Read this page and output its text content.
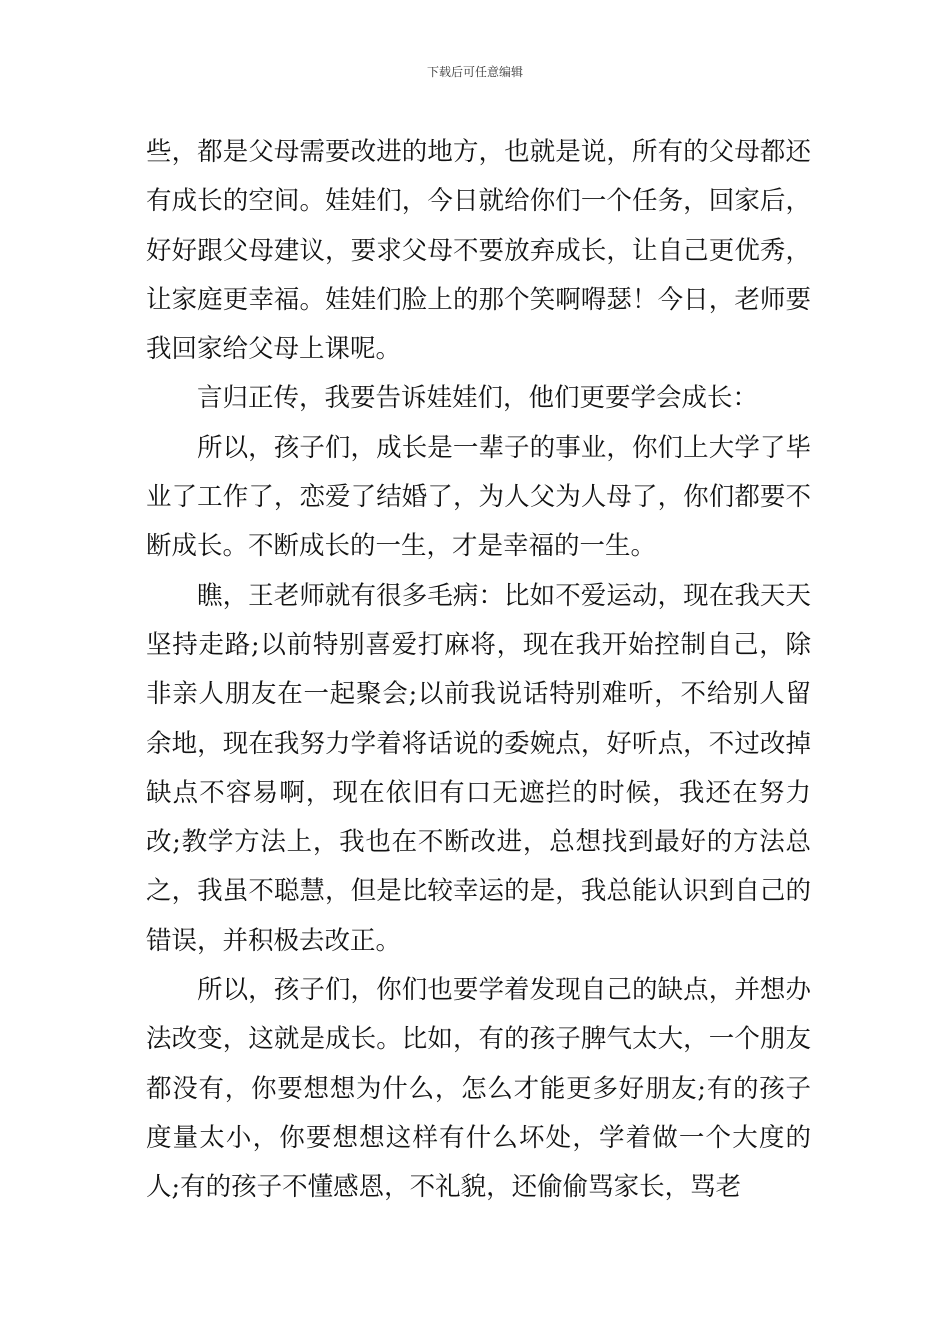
下载后可任意编辑

些，都是父母需要改进的地方，也就是说，所有的父母都还有成长的空间。娃娃们，今日就给你们一个任务，回家后，好好跟父母建议，要求父母不要放弃成长，让自己更优秀，让家庭更幸福。娃娃们脸上的那个笑啊嘚瑟！今日，老师要我回家给父母上课呢。

言归正传，我要告诉娃娃们，他们更要学会成长：

所以，孩子们，成长是一辈子的事业，你们上大学了毕业了工作了，恋爱了结婚了，为人父为人母了，你们都要不断成长。不断成长的一生，才是幸福的一生。

瞧，王老师就有很多毛病：比如不爱运动，现在我天天坚持走路;以前特别喜爱打麻将，现在我开始控制自己，除非亲人朋友在一起聚会;以前我说话特别难听，不给别人留余地，现在我努力学着将话说的委婉点，好听点，不过改掉缺点不容易啊，现在依旧有口无遮拦的时候，我还在努力改;教学方法上，我也在不断改进，总想找到最好的方法总之，我虽不聪慧，但是比较幸运的是，我总能认识到自己的错误，并积极去改正。

所以，孩子们，你们也要学着发现自己的缺点，并想办法改变，这就是成长。比如，有的孩子脾气太大，一个朋友都没有，你要想想为什么，怎么才能更多好朋友;有的孩子度量太小，你要想想这样有什么坏处，学着做一个大度的人;有的孩子不懂感恩，不礼貌，还偷偷骂家长，骂老
